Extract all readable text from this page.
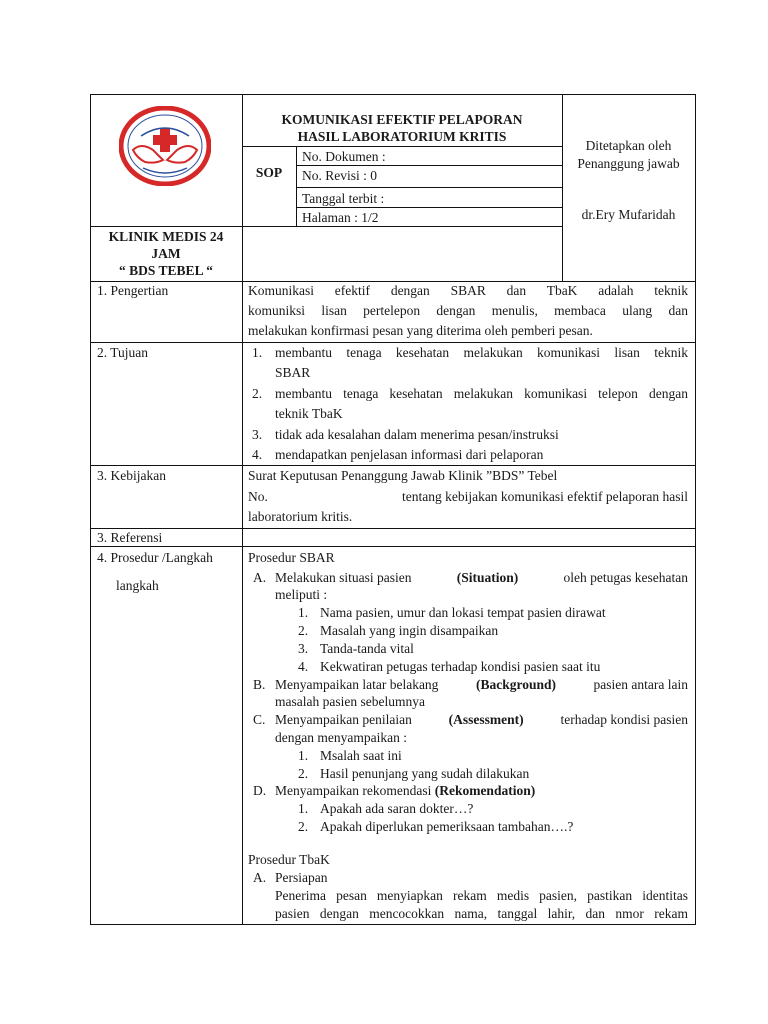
KOMUNIKASI EFEKTIF PELAPORAN
HASIL LABORATORIUM KRITIS
SOP
No. Dokumen :
No. Revisi : 0
Tanggal terbit :
Halaman : 1/2
Ditetapkan oleh
Penanggung jawab
dr.Ery Mufaridah
KLINIK MEDIS 24
JAM
“ BDS TEBEL “
1. Pengertian	Komunikasi efektif dengan SBAR dan TbaK adalah teknik
komuniksi lisan pertelepon dengan menulis, membaca ulang dan
melakukan konfirmasi pesan yang diterima oleh pemberi pesan.
2. Tujuan	1. membantu tenaga kesehatan melakukan komunikasi lisan teknik
SBAR
2. membantu tenaga kesehatan melakukan komunikasi telepon dengan
teknik TbaK
3. tidak ada kesalahan dalam menerima pesan/instruksi
4. mendapatkan penjelasan informasi dari pelaporan
3. Kebijakan	Surat Keputusan Penanggung Jawab Klinik ”BDS” Tebel
No.	tentang kebijakan komunikasi efektif pelaporan hasil
laboratorium kritis.
3. Referensi
4. Prosedur /Langkah
langkah
Prosedur SBAR
A. Melakukan situasi pasien	(Situation)	oleh petugas kesehatan
meliputi :
1. Nama pasien, umur dan lokasi tempat pasien dirawat
2. Masalah yang ingin disampaikan
3. Tanda-tanda vital
4. Kekwatiran petugas terhadap kondisi pasien saat itu
B. Menyampaikan latar belakang	(Background)	pasien antara lain
masalah pasien sebelumnya
C. Menyampaikan penilaian	(Assessment)	terhadap kondisi pasien
dengan menyampaikan :
1. Msalah saat ini
2. Hasil penunjang yang sudah dilakukan
D. Menyampaikan rekomendasi (Rekomendation)
1. Apakah ada saran dokter…?
2. Apakah diperlukan pemeriksaan tambahan….?
Prosedur TbaK
A. Persiapan
Penerima pesan menyiapkan rekam medis pasien, pastikan identitas
pasien dengan mencocokkan nama, tanggal lahir, dan nmor rekam
